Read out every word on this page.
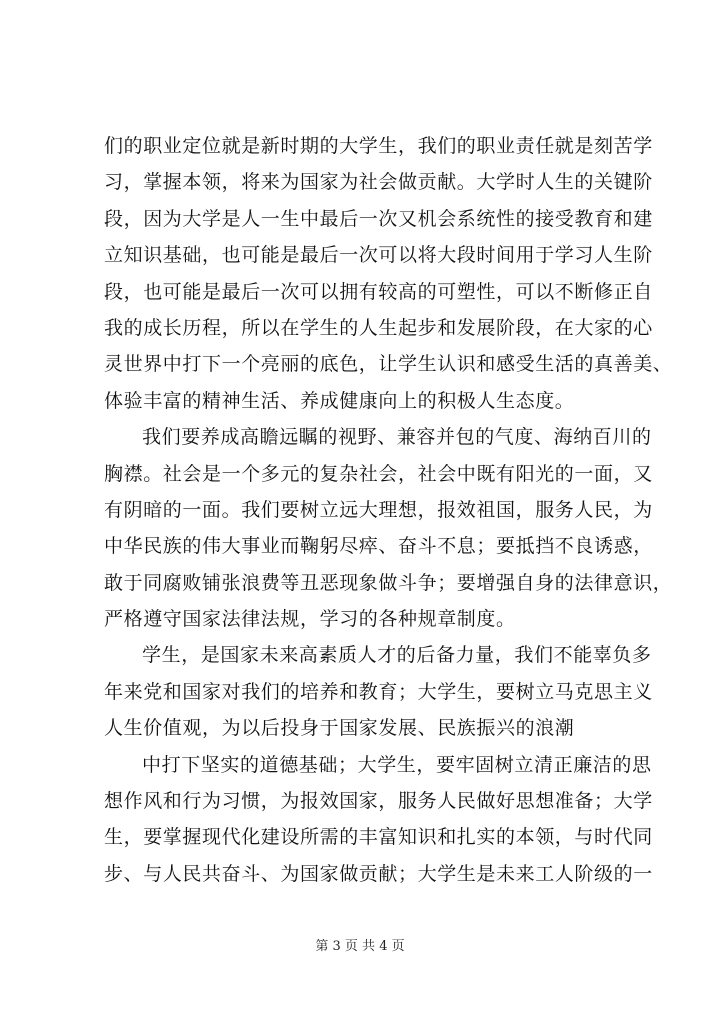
们的职业定位就是新时期的大学生，我们的职业责任就是刻苦学
习，掌握本领，将来为国家为社会做贡献。大学时人生的关键阶
段，因为大学是人一生中最后一次又机会系统性的接受教育和建
立知识基础，也可能是最后一次可以将大段时间用于学习人生阶
段，也可能是最后一次可以拥有较高的可塑性，可以不断修正自
我的成长历程，所以在学生的人生起步和发展阶段，在大家的心
灵世界中打下一个亮丽的底色，让学生认识和感受生活的真善美、
体验丰富的精神生活、养成健康向上的积极人生态度。
我们要养成高瞻远瞩的视野、兼容并包的气度、海纳百川的
胸襟。社会是一个多元的复杂社会，社会中既有阳光的一面，又
有阴暗的一面。我们要树立远大理想，报效祖国，服务人民，为
中华民族的伟大事业而鞠躬尽瘁、奋斗不息；要抵挡不良诱惑，
敢于同腐败铺张浪费等丑恶现象做斗争；要增强自身的法律意识，
严格遵守国家法律法规，学习的各种规章制度。
学生，是国家未来高素质人才的后备力量，我们不能辜负多
年来党和国家对我们的培养和教育；大学生，要树立马克思主义
人生价值观，为以后投身于国家发展、民族振兴的浪潮
中打下坚实的道德基础；大学生，要牢固树立清正廉洁的思
想作风和行为习惯，为报效国家，服务人民做好思想准备；大学
生，要掌握现代化建设所需的丰富知识和扎实的本领，与时代同
步、与人民共奋斗、为国家做贡献；大学生是未来工人阶级的一
第 3 页 共 4 页
